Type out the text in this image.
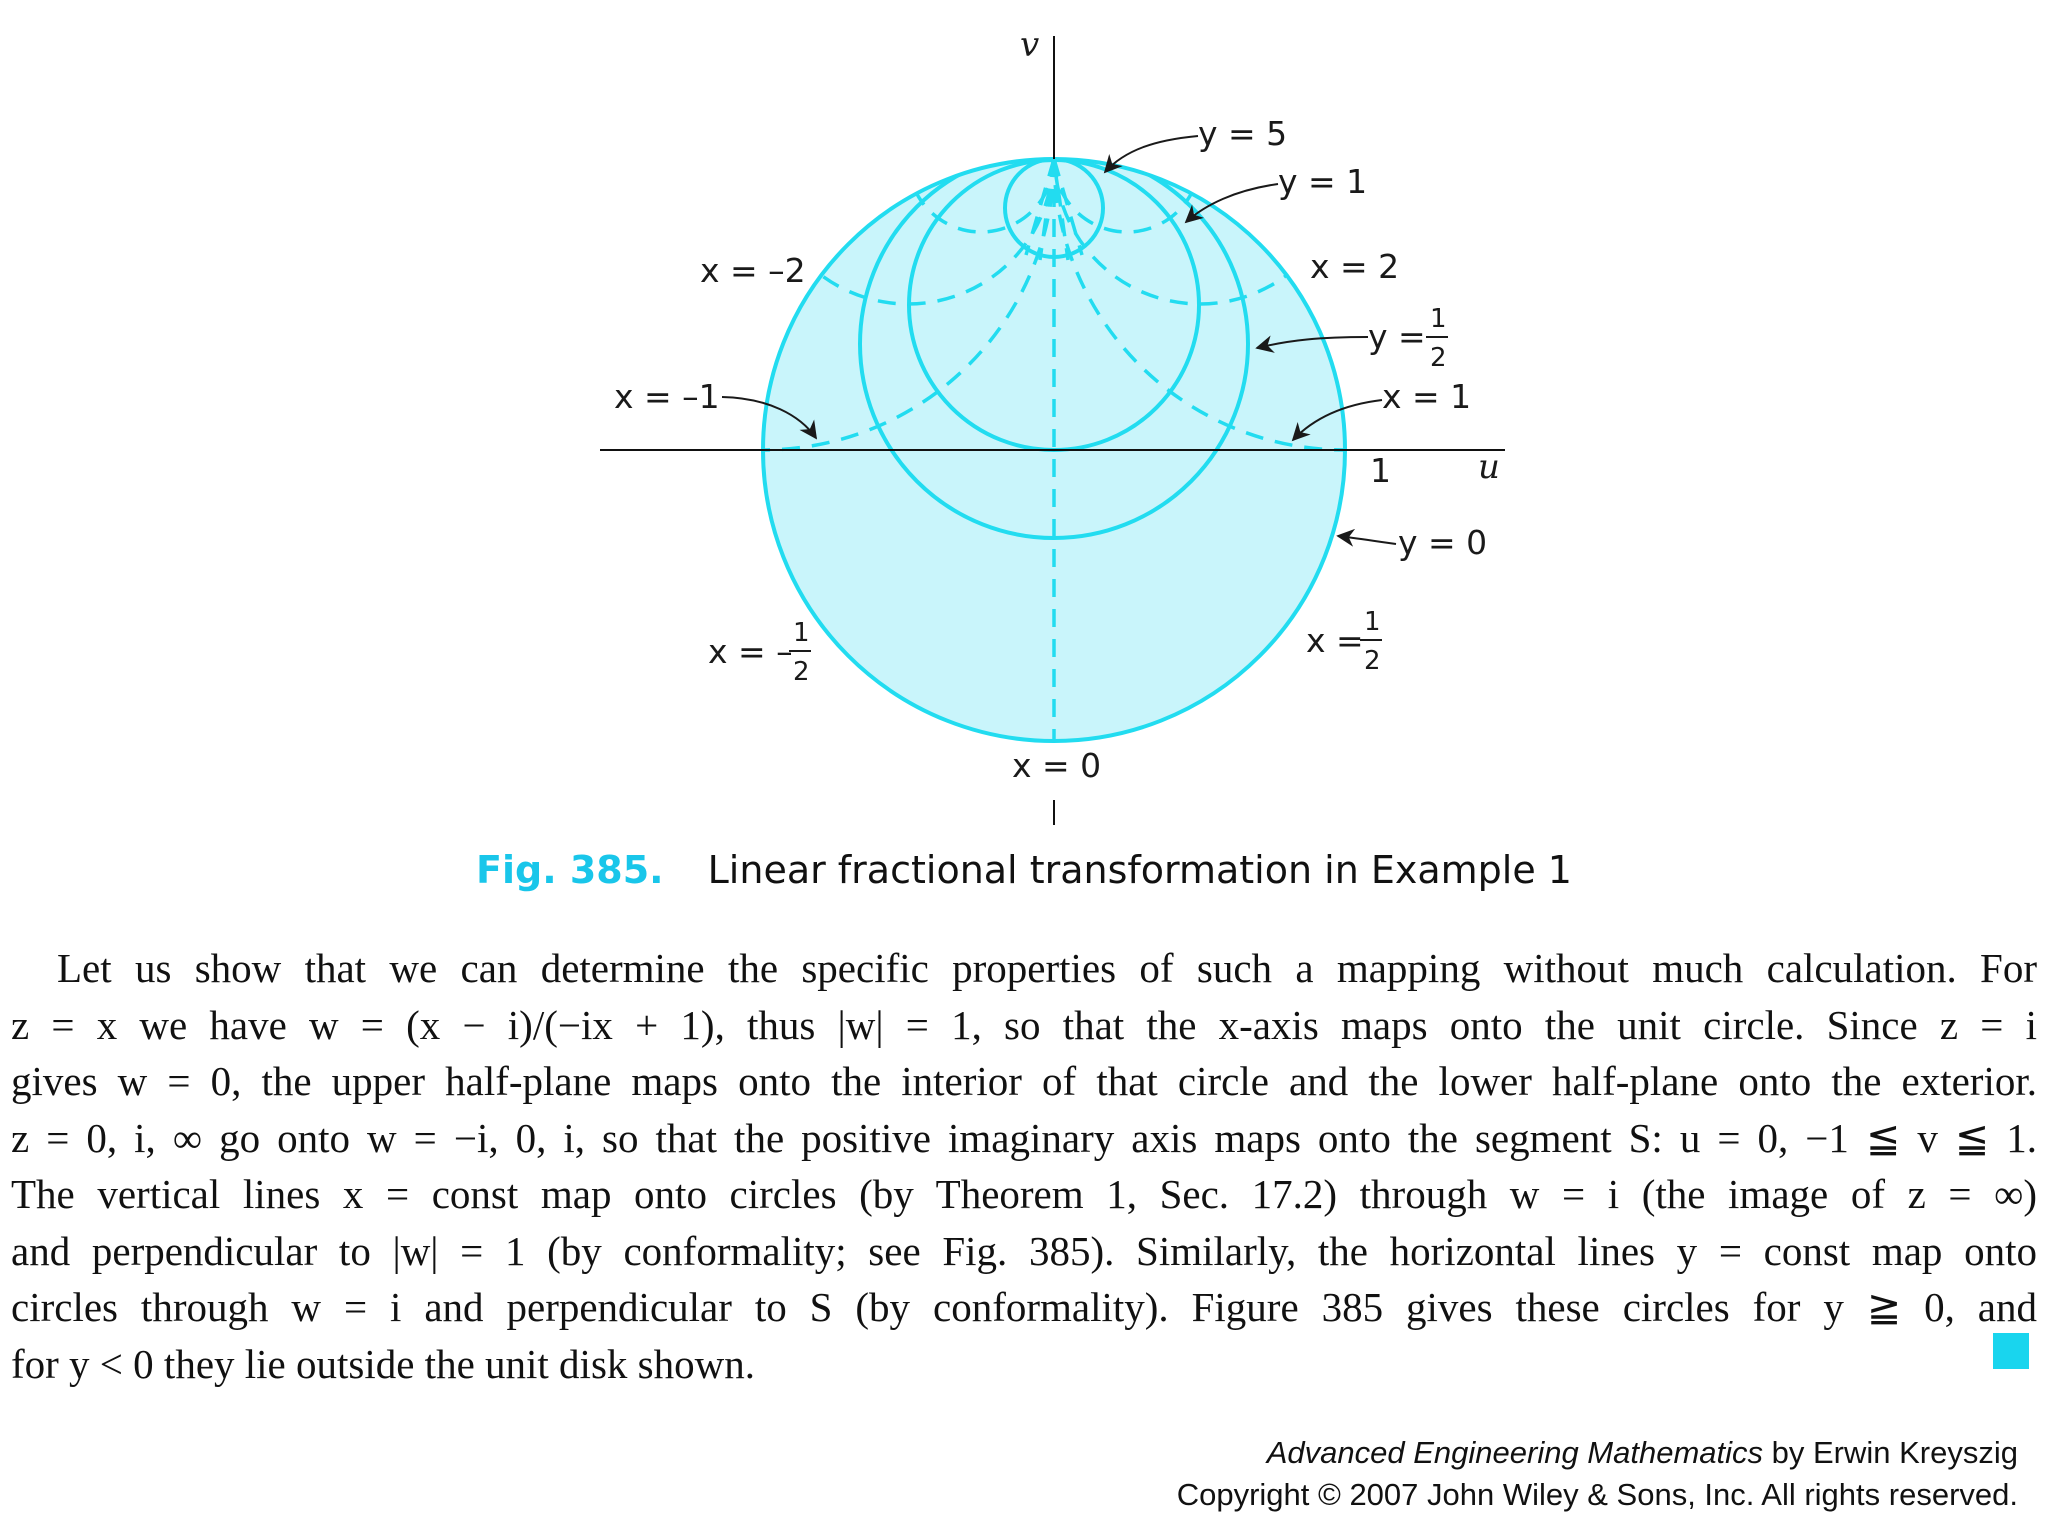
v
u
1
y = 5
y = 1
x = –2	x = 2
y = 1
2
x = –1	x = 1
y = 0
x = – 1
2
x = 1
2
x = 0
Fig. 385. Linear fractional transformation in Example 1

Let us show that we can determine the specific properties of such a mapping without much calculation. For
z = x we have w = (x − i)/(−ix + 1), thus |w| = 1, so that the x-axis maps onto the unit circle. Since z = i
gives w = 0, the upper half-plane maps onto the interior of that circle and the lower half-plane onto the exterior.
z = 0, i, ∞ go onto w = −i, 0, i, so that the positive imaginary axis maps onto the segment S: u = 0, −1 ≦ v ≦ 1.
The vertical lines x = const map onto circles (by Theorem 1, Sec. 17.2) through w = i (the image of z = ∞)
and perpendicular to |w| = 1 (by conformality; see Fig. 385). Similarly, the horizontal lines y = const map onto
circles through w = i and perpendicular to S (by conformality). Figure 385 gives these circles for y ≧ 0, and
for y < 0 they lie outside the unit disk shown.

Advanced Engineering Mathematics by Erwin Kreyszig
Copyright © 2007 John Wiley & Sons, Inc. All rights reserved.
